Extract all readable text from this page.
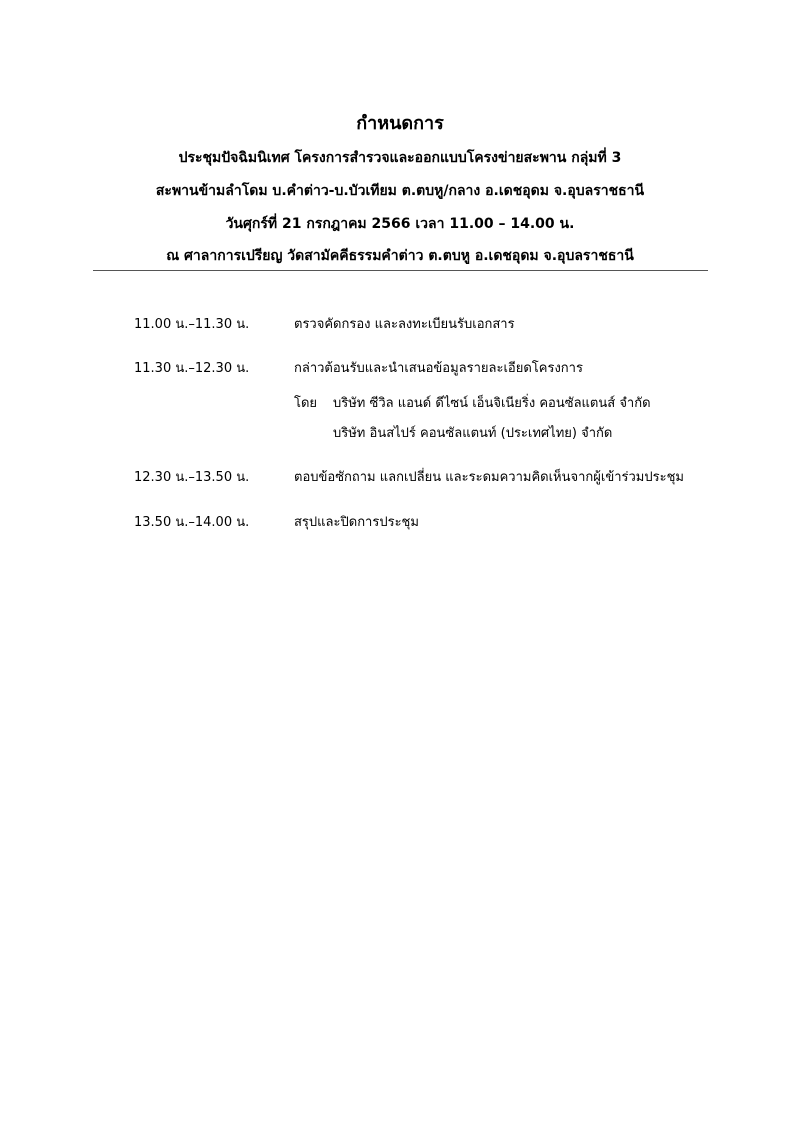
กำหนดการ
ประชุมปัจฉิมนิเทศ โครงการสำรวจและออกแบบโครงข่ายสะพาน กลุ่มที่ 3
สะพานข้ามลำโดม บ.คำต่าว-บ.บัวเทียม ต.ตบหู/กลาง อ.เดชอุดม จ.อุบลราชธานี
วันศุกร์ที่ 21 กรกฎาคม 2566 เวลา 11.00 – 14.00 น.
ณ ศาลาการเปรียญ วัดสามัคคีธรรมคำต่าว ต.ตบหู อ.เดชอุดม จ.อุบลราชธานี
11.00 น.–11.30 น.	ตรวจคัดกรอง และลงทะเบียนรับเอกสาร
11.30 น.–12.30 น.	กล่าวต้อนรับและนำเสนอข้อมูลรายละเอียดโครงการ
โดย บริษัท ซีวิล แอนด์ ดีไซน์ เอ็นจิเนียริ่ง คอนซัลแตนส์ จำกัด
บริษัท อินสไปร์ คอนซัลแตนท์ (ประเทศไทย) จำกัด
12.30 น.–13.50 น.	ตอบข้อซักถาม แลกเปลี่ยน และระดมความคิดเห็นจากผู้เข้าร่วมประชุม
13.50 น.–14.00 น.	สรุปและปิดการประชุม
